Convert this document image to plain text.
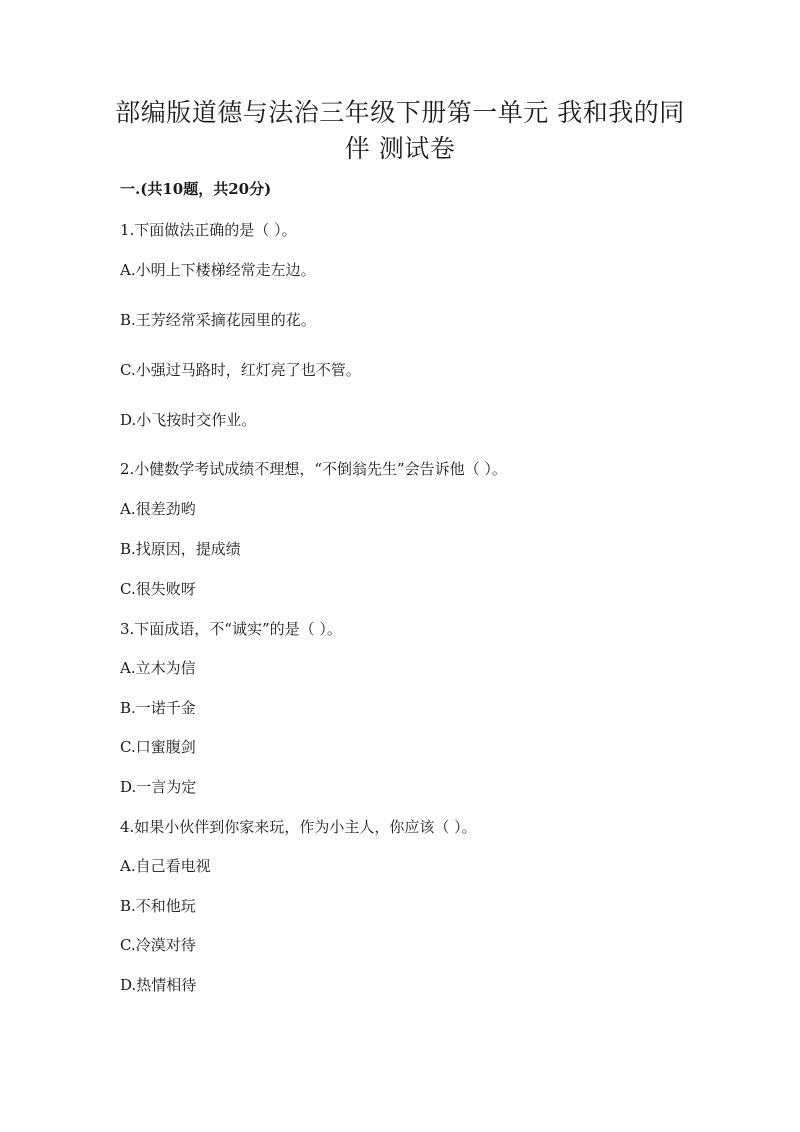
部编版道德与法治三年级下册第一单元 我和我的同
伴 测试卷
一.(共10题，共20分)
1.下面做法正确的是（ ）。
A.小明上下楼梯经常走左边。
B.王芳经常采摘花园里的花。
C.小强过马路时，红灯亮了也不管。
D.小飞按时交作业。
2.小健数学考试成绩不理想，“不倒翁先生”会告诉他（ ）。
A.很差劲哟
B.找原因，提成绩
C.很失败呀
3.下面成语，不“诚实”的是（ ）。
A.立木为信
B.一诺千金
C.口蜜腹剑
D.一言为定
4.如果小伙伴到你家来玩，作为小主人，你应该（ ）。
A.自己看电视
B.不和他玩
C.冷漠对待
D.热情相待
